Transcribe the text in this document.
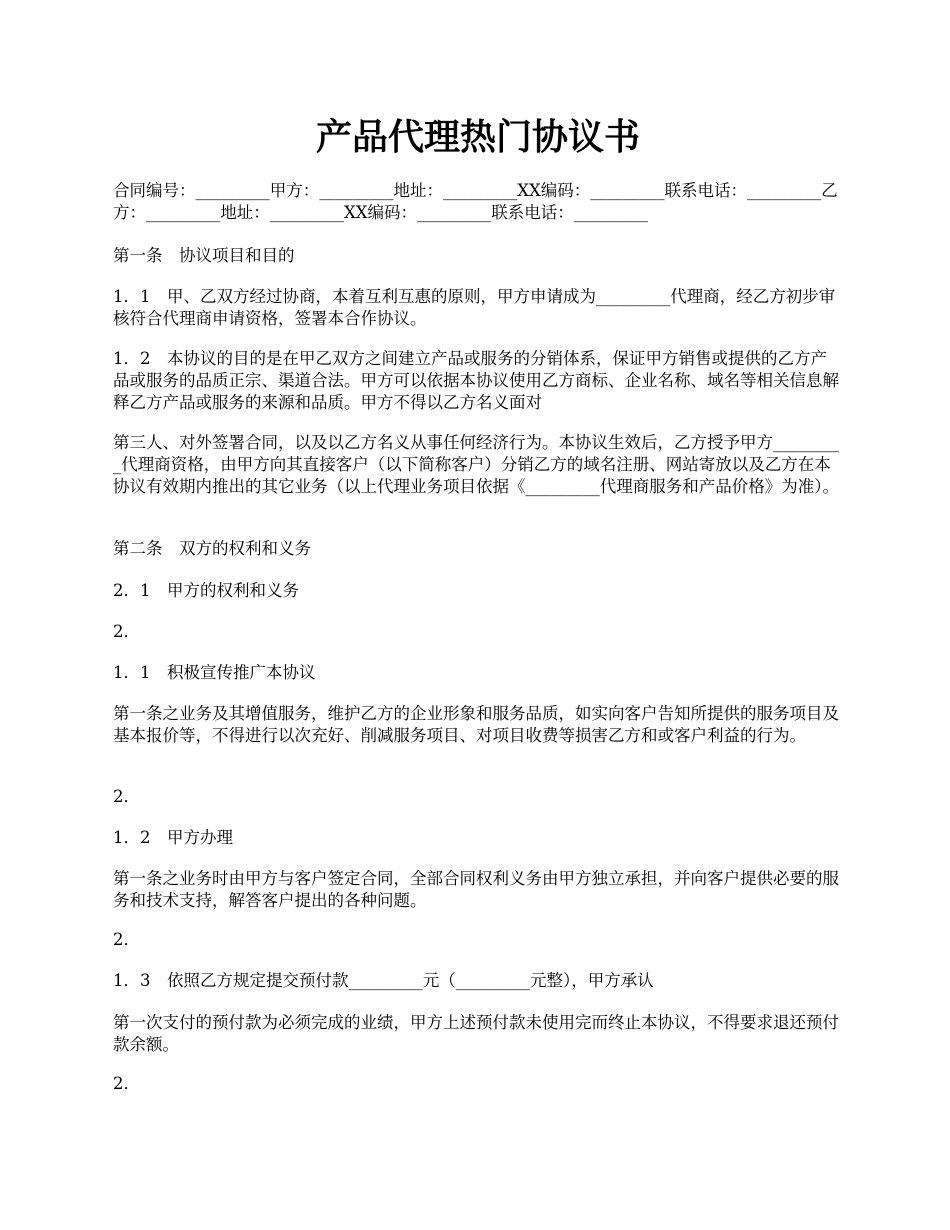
产品代理热门协议书

合同编号：_________甲方：_________地址：_________XX编码：_________联系电话：_________乙方：_________地址：_________XX编码：_________联系电话：_________

第一条　协议项目和目的

1．1　甲、乙双方经过协商，本着互利互惠的原则，甲方申请成为_________代理商，经乙方初步审核符合代理商申请资格，签署本合作协议。

1．2　本协议的目的是在甲乙双方之间建立产品或服务的分销体系，保证甲方销售或提供的乙方产品或服务的品质正宗、渠道合法。甲方可以依据本协议使用乙方商标、企业名称、域名等相关信息解释乙方产品或服务的来源和品质。甲方不得以乙方名义面对

第三人、对外签署合同，以及以乙方名义从事任何经济行为。本协议生效后，乙方授予甲方_________代理商资格，由甲方向其直接客户（以下简称客户）分销乙方的域名注册、网站寄放以及乙方在本协议有效期内推出的其它业务（以上代理业务项目依据《_________代理商服务和产品价格》为准）。

第二条　双方的权利和义务

2．1　甲方的权利和义务

2．

1．1　积极宣传推广本协议

第一条之业务及其增值服务，维护乙方的企业形象和服务品质，如实向客户告知所提供的服务项目及基本报价等，不得进行以次充好、削减服务项目、对项目收费等损害乙方和或客户利益的行为。

2．

1．2　甲方办理

第一条之业务时由甲方与客户签定合同，全部合同权利义务由甲方独立承担，并向客户提供必要的服务和技术支持，解答客户提出的各种问题。

2．

1．3　依照乙方规定提交预付款_________元（_________元整），甲方承认

第一次支付的预付款为必须完成的业绩，甲方上述预付款未使用完而终止本协议，不得要求退还预付款余额。

2．
